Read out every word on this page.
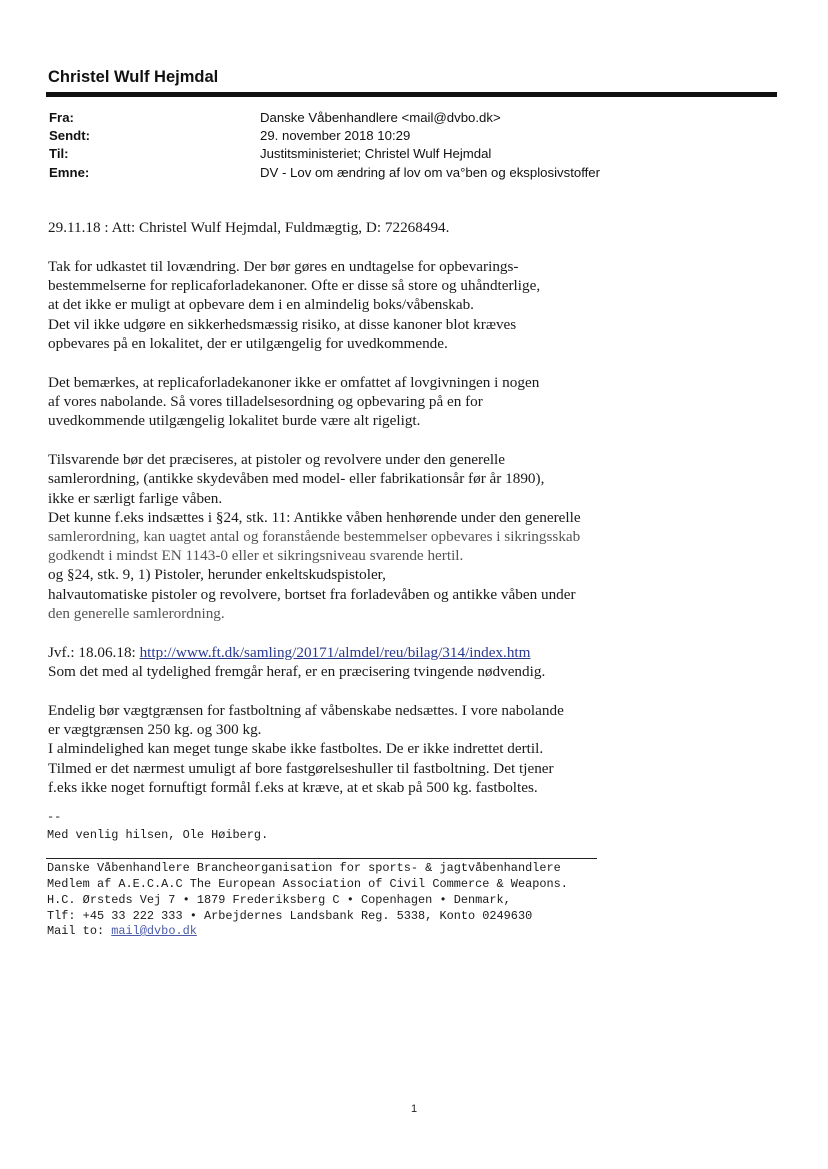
Christel Wulf Hejmdal
Fra:	Danske Våbenhandlere <mail@dvbo.dk>
Sendt:	29. november 2018 10:29
Til:	Justitsministeriet; Christel Wulf Hejmdal
Emne:	DV - Lov om ændring af lov om va°ben og eksplosivstoffer

29.11.18 : Att: Christel Wulf Hejmdal, Fuldmægtig, D: 72268494.

Tak for udkastet til lovændring. Der bør gøres en undtagelse for opbevarings-

bestemmelserne for replicaforladekanoner. Ofte er disse så store og uhåndterlige,

at det ikke er muligt at opbevare dem i en almindelig boks/våbenskab.

Det vil ikke udgøre en sikkerhedsmæssig risiko, at disse kanoner blot kræves

opbevares på en lokalitet, der er utilgængelig for uvedkommende.

Det bemærkes, at replicaforladekanoner ikke er omfattet af lovgivningen i nogen

af vores nabolande. Så vores tilladelsesordning og opbevaring på en for

uvedkommende utilgængelig lokalitet burde være alt rigeligt.

Tilsvarende bør det præciseres, at pistoler og revolvere under den generelle

samlerordning, (antikke skydevåben med model- eller fabrikationsår før år 1890),

ikke er særligt farlige våben.

Det kunne f.eks indsættes i §24, stk. 11: Antikke våben henhørende under den generelle

samlerordning, kan uagtet antal og foranstående bestemmelser opbevares i sikringsskab

godkendt i mindst EN 1143-0 eller et sikringsniveau svarende hertil.

og §24, stk. 9, 1) Pistoler, herunder enkeltskudspistoler,

halvautomatiske pistoler og revolvere, bortset fra forladevåben og antikke våben under

den generelle samlerordning.

Jvf.: 18.06.18: http://www.ft.dk/samling/20171/almdel/reu/bilag/314/index.htm

Som det med al tydelighed fremgår heraf, er en præcisering tvingende nødvendig.

Endelig bør vægtgrænsen for fastboltning af våbenskabe nedsættes. I vore nabolande

er vægtgrænsen 250 kg. og 300 kg.

I almindelighed kan meget tunge skabe ikke fastboltes. De er ikke indrettet dertil.

Tilmed er det nærmest umuligt af bore fastgørelseshuller til fastboltning. Det tjener

f.eks ikke noget fornuftigt formål f.eks at kræve, at et skab på 500 kg. fastboltes.

--
Med venlig hilsen, Ole Høiberg.
Danske Våbenhandlere Brancheorganisation for sports- & jagtvåbenhandlere
Medlem af A.E.C.A.C The European Association of Civil Commerce & Weapons.
H.C. Ørsteds Vej 7 • 1879 Frederiksberg C • Copenhagen • Denmark,
Tlf: +45 33 222 333 • Arbejdernes Landsbank Reg. 5338, Konto 0249630
Mail to: mail@dvbo.dk
1
